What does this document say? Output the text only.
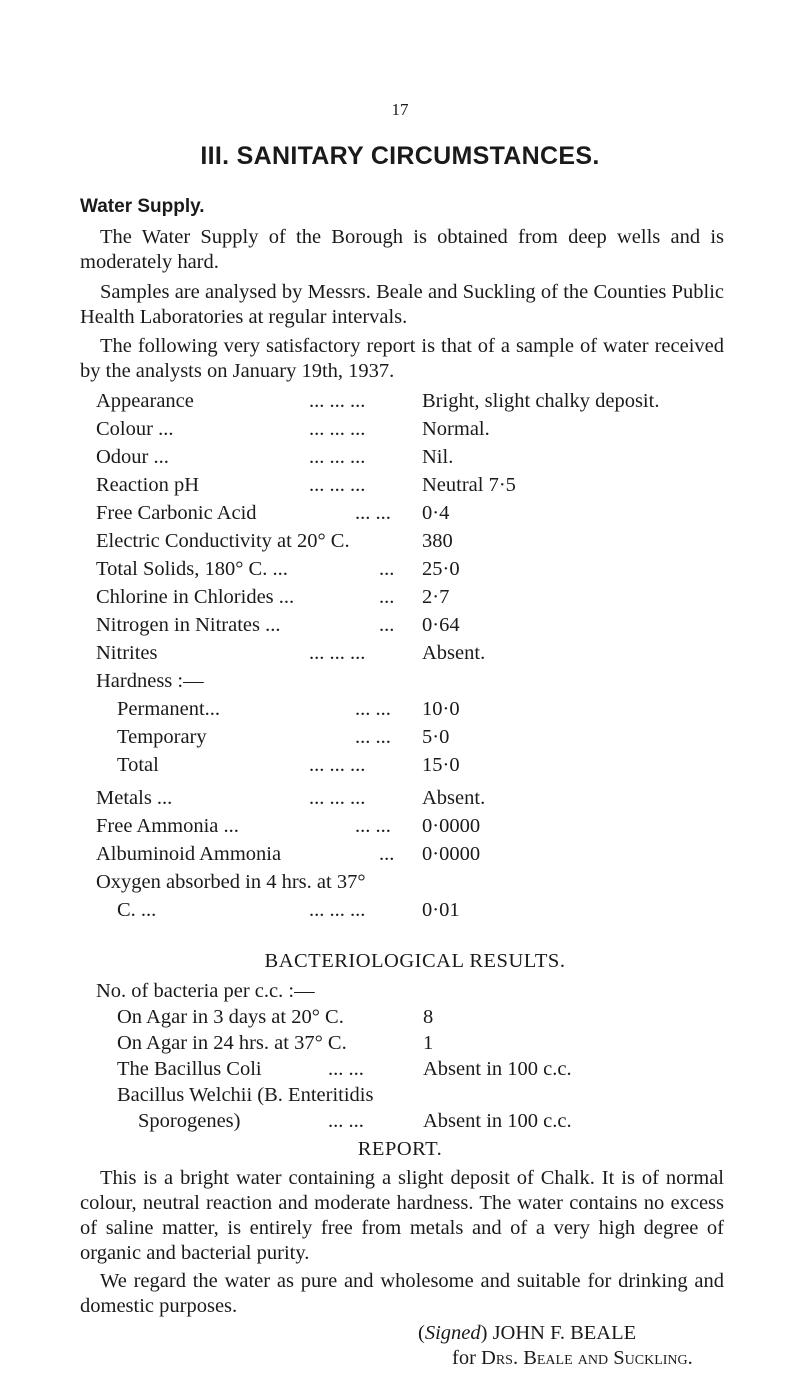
17
III. SANITARY CIRCUMSTANCES.
Water Supply.

The Water Supply of the Borough is obtained from deep wells and is moderately hard.

Samples are analysed by Messrs. Beale and Suckling of the Counties Public Health Laboratories at regular intervals.

The following very satisfactory report is that of a sample of water received by the analysts on January 19th, 1937.

Appearance	... ... ...	Bright, slight chalky deposit.
Colour ...	... ... ...	Normal.
Odour ...	... ... ...	Nil.
Reaction pH	... ... ...	Neutral 7·5
Free Carbonic Acid	... ... 0·4
Electric Conductivity at 20° C.	380
Total Solids, 180° C. ...	... 25·0
Chlorine in Chlorides ...	... 2·7
Nitrogen in Nitrates ...	... 0·64
Nitrites	... ... ...	Absent.
Hardness :—
Permanent...	... ... 10·0
Temporary	... ... 5·0
Total	... ... ...	15·0
Metals ...	... ... ...	Absent.
Free Ammonia ...	... ... 0·0000
Albuminoid Ammonia	... 0·0000
Oxygen absorbed in 4 hrs. at 37°
C. ...	... ... ...	0·01
BACTERIOLOGICAL RESULTS.
No. of bacteria per c.c. :—
On Agar in 3 days at 20° C.	8
On Agar in 24 hrs. at 37° C.	1
The Bacillus Coli	... ...	Absent in 100 c.c.
Bacillus Welchii (B. Enteritidis
Sporogenes)	... ...	Absent in 100 c.c.
REPORT.

This is a bright water containing a slight deposit of Chalk. It is of normal colour, neutral reaction and moderate hardness. The water contains no excess of saline matter, is entirely free from metals and of a very high degree of organic and bacterial purity.

We regard the water as pure and wholesome and suitable for drinking and domestic purposes.

(Signed) JOHN F. BEALE
for Drs. Beale and Suckling.
